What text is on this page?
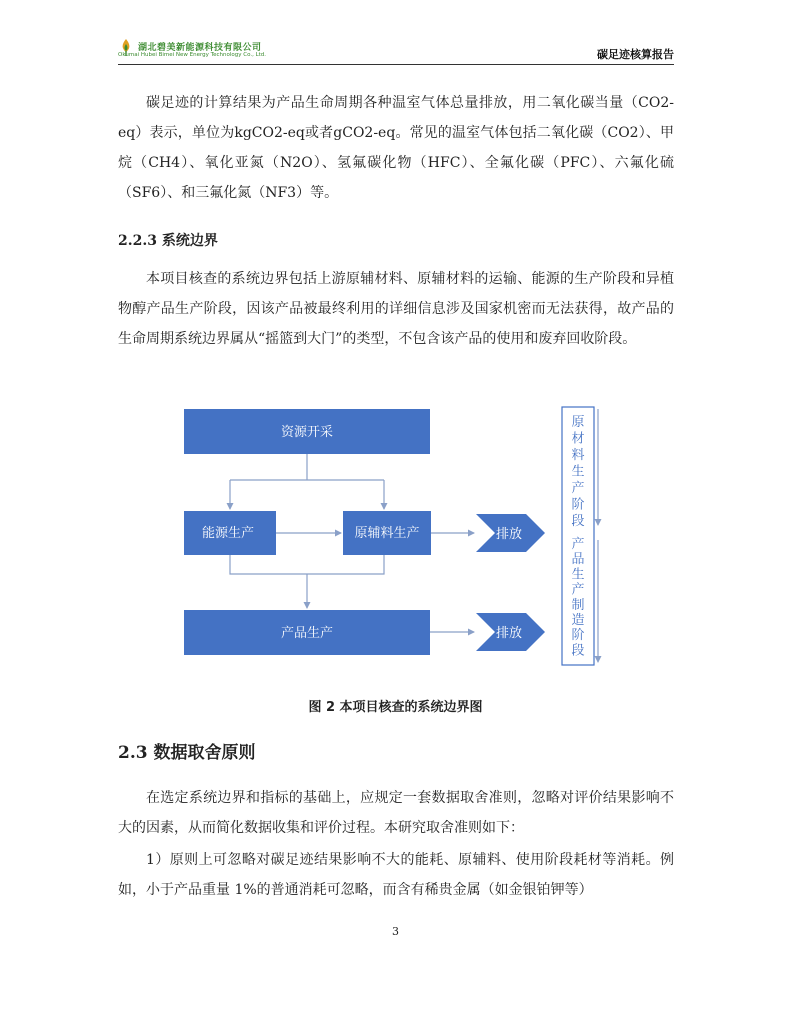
湖北碧美新能源科技有限公司
Okumai Hubei Bimei New Energy Technology Co., Ltd.	碳足迹核算报告

碳足迹的计算结果为产品生命周期各种温室气体总量排放，用二氧化碳当量（CO2-eq）表示，单位为kgCO2-eq或者gCO2-eq。常见的温室气体包括二氧化碳（CO2）、甲烷（CH4）、氧化亚氮（N2O）、氢氟碳化物（HFC）、全氟化碳（PFC）、六氟化硫（SF6）、和三氟化氮（NF3）等。

2.2.3 系统边界

本项目核查的系统边界包括上游原辅材料、原辅材料的运输、能源的生产阶段和异植物醇产品生产阶段，因该产品被最终利用的详细信息涉及国家机密而无法获得，故产品的生命周期系统边界属从“摇篮到大门”的类型，不包含该产品的使用和废弃回收阶段。

资源开采
能源生产	原辅料生产
产品生产
排放
排放
原
材
料
生
产
阶
段
产
品
生
产
制
造
阶
段
图 2 本项目核查的系统边界图
2.3 数据取舍原则

在选定系统边界和指标的基础上，应规定一套数据取舍准则，忽略对评价结果影响不大的因素，从而简化数据收集和评价过程。本研究取舍准则如下：

1）原则上可忽略对碳足迹结果影响不大的能耗、原辅料、使用阶段耗材等消耗。例如，小于产品重量 1%的普通消耗可忽略，而含有稀贵金属（如金银铂钾等）

3
